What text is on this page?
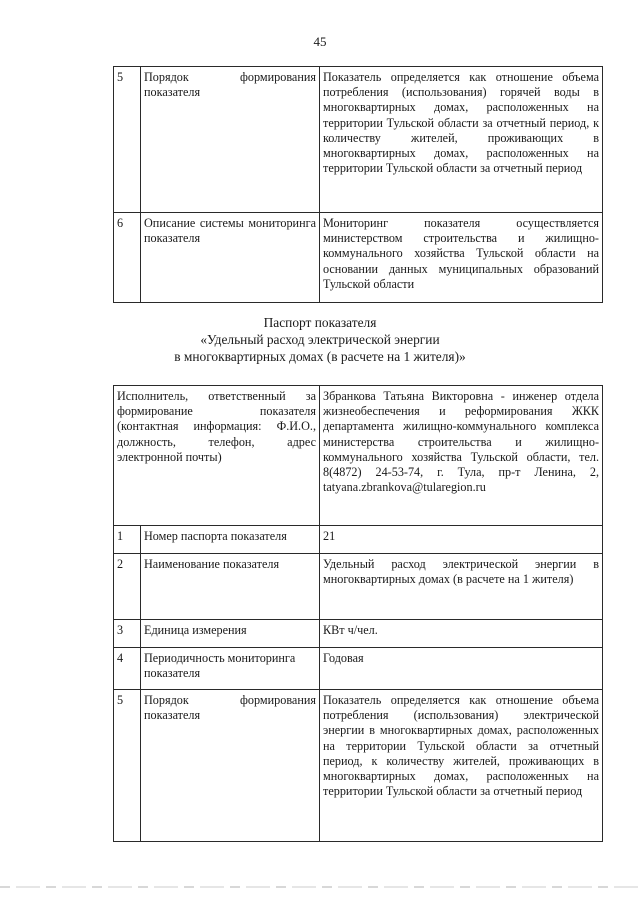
45
5	Порядок формирования показателя	Показатель определяется как отношение объема потребления (использования) горячей воды в многоквартирных домах, расположенных на территории Тульской области за отчетный период, к количеству жителей, проживающих в многоквартирных домах, расположенных на территории Тульской области за отчетный период
6	Описание системы мониторинга показателя	Мониторинг показателя осуществляется министерством строительства и жилищно-коммунального хозяйства Тульской области на основании данных муниципальных образований Тульской области
Паспорт показателя
«Удельный расход электрической энергии
в многоквартирных домах (в расчете на 1 жителя)»
Исполнитель, ответственный за формирование показателя (контактная информация: Ф.И.О., должность, телефон, адрес электронной почты)		Збранкова Татьяна Викторовна - инженер отдела жизнеобеспечения и реформирования ЖКК департамента жилищно-коммунального комплекса министерства строительства и жилищно-коммунального хозяйства Тульской области, тел. 8(4872) 24-53-74, г. Тула, пр-т Ленина, 2, tatyana.zbrankova@tularegion.ru
1	Номер паспорта показателя	21
2	Наименование показателя	Удельный расход электрической энергии в многоквартирных домах (в расчете на 1 жителя)
3	Единица измерения	КВт ч/чел.
4	Периодичность мониторинга показателя	Годовая
5	Порядок формирования показателя	Показатель определяется как отношение объема потребления (использования) электрической энергии в многоквартирных домах, расположенных на территории Тульской области за отчетный период, к количеству жителей, проживающих в многоквартирных домах, расположенных на территории Тульской области за отчетный период
